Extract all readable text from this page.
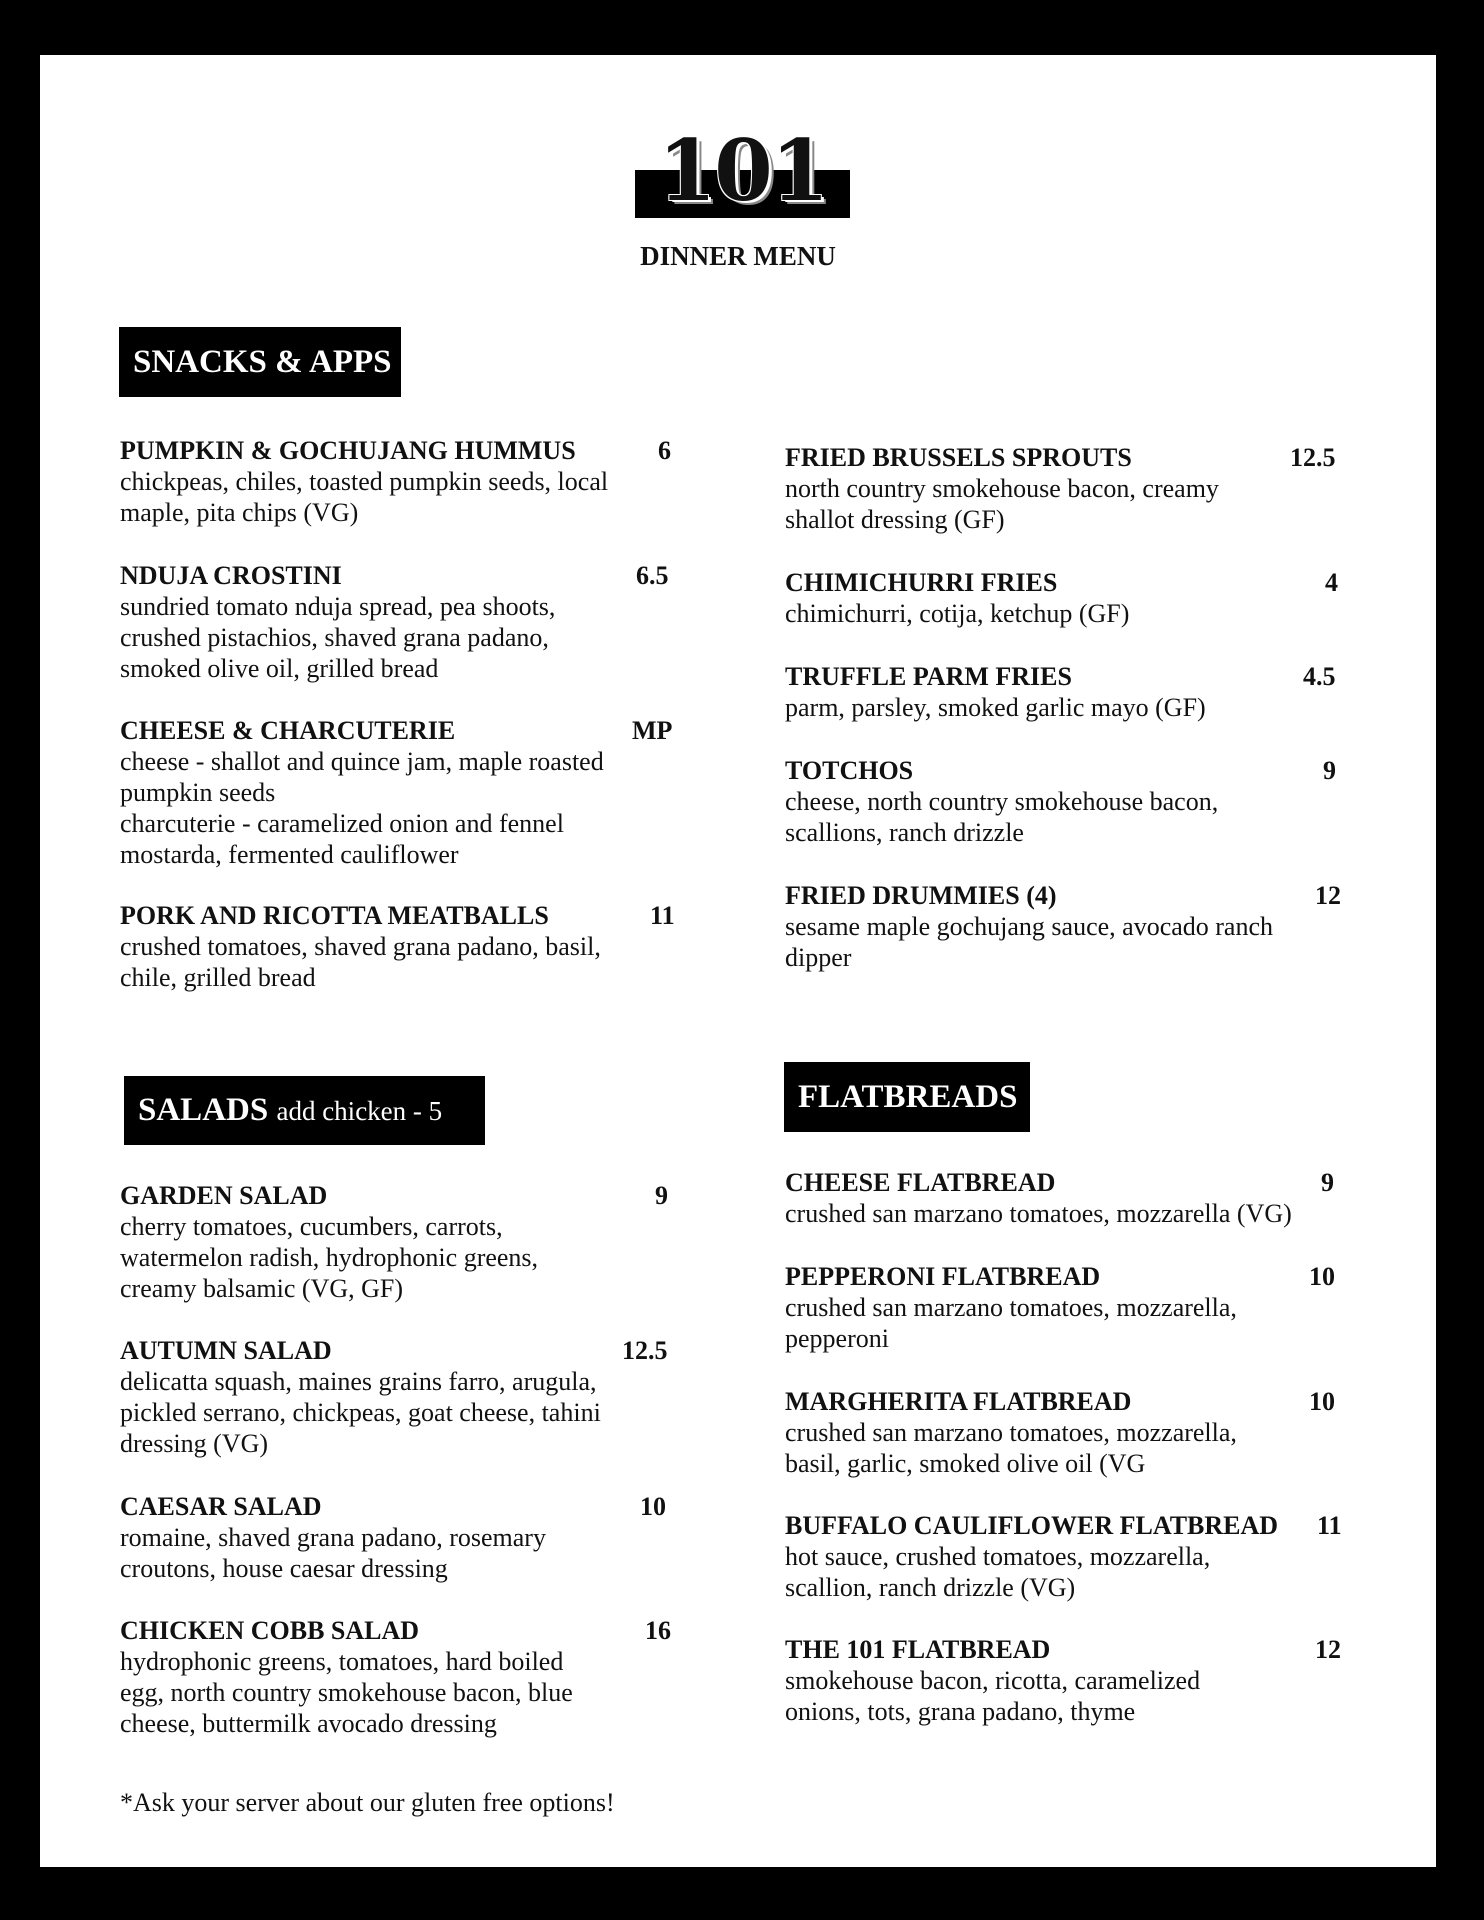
101
DINNER MENU
SNACKS & APPS
SALADS add chicken - 5	FLATBREADS
PUMPKIN & GOCHUJANG HUMMUS	6
chickpeas, chiles, toasted pumpkin seeds, local
maple, pita chips (VG)
NDUJA CROSTINI	6.5
sundried tomato nduja spread, pea shoots,
crushed pistachios, shaved grana padano,
smoked olive oil, grilled bread
CHEESE & CHARCUTERIE	MP
cheese - shallot and quince jam, maple roasted
pumpkin seeds
charcuterie - caramelized onion and fennel
mostarda, fermented cauliflower
PORK AND RICOTTA MEATBALLS	11
crushed tomatoes, shaved grana padano, basil,
chile, grilled bread
FRIED BRUSSELS SPROUTS	12.5
north country smokehouse bacon, creamy
shallot dressing (GF)
CHIMICHURRI FRIES	4
chimichurri, cotija, ketchup (GF)
TRUFFLE PARM FRIES	4.5
parm, parsley, smoked garlic mayo (GF)
TOTCHOS	9
cheese, north country smokehouse bacon,
scallions, ranch drizzle
FRIED DRUMMIES (4)	12
sesame maple gochujang sauce, avocado ranch
dipper
GARDEN SALAD	9
cherry tomatoes, cucumbers, carrots,
watermelon radish, hydrophonic greens,
creamy balsamic (VG, GF)
AUTUMN SALAD	12.5
delicatta squash, maines grains farro, arugula,
pickled serrano, chickpeas, goat cheese, tahini
dressing (VG)
CAESAR SALAD	10
romaine, shaved grana padano, rosemary
croutons, house caesar dressing
CHICKEN COBB SALAD	16
hydrophonic greens, tomatoes, hard boiled
egg, north country smokehouse bacon, blue
cheese, buttermilk avocado dressing
CHEESE FLATBREAD	9
crushed san marzano tomatoes, mozzarella (VG)
PEPPERONI FLATBREAD	10
crushed san marzano tomatoes, mozzarella,
pepperoni
MARGHERITA FLATBREAD	10
crushed san marzano tomatoes, mozzarella,
basil, garlic, smoked olive oil (VG
BUFFALO CAULIFLOWER FLATBREAD 11
hot sauce, crushed tomatoes, mozzarella,
scallion, ranch drizzle (VG)
THE 101 FLATBREAD	12
smokehouse bacon, ricotta, caramelized
onions, tots, grana padano, thyme
*Ask your server about our gluten free options!
